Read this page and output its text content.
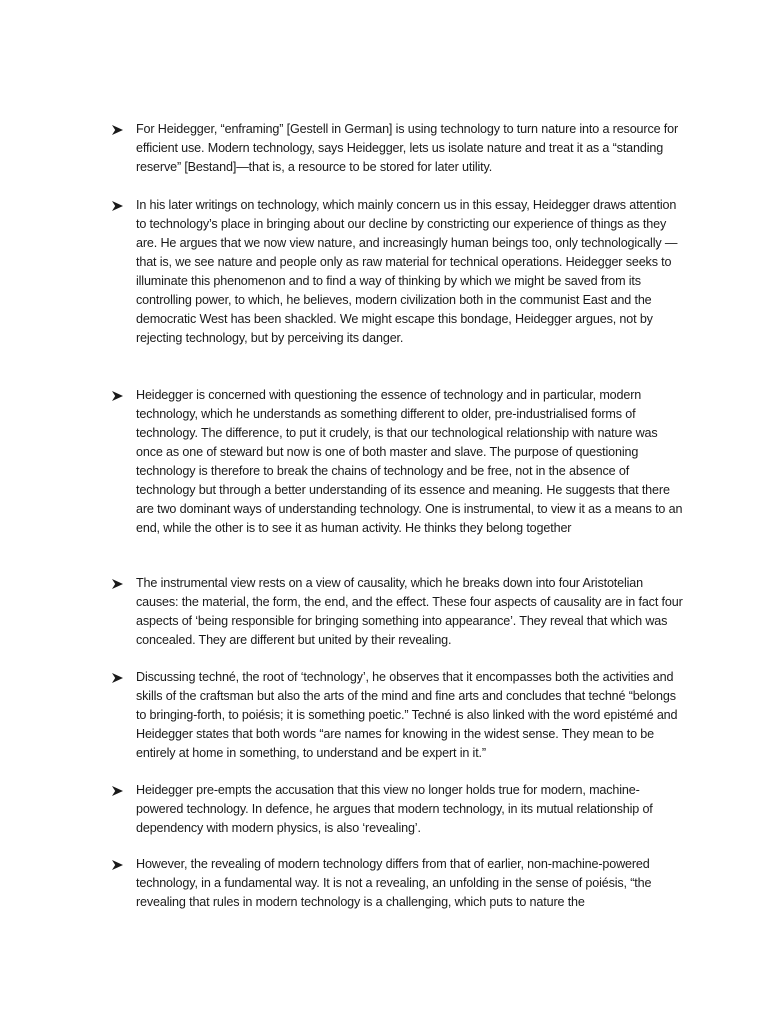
For Heidegger, “enframing” [Gestell in German] is using technology to turn nature into a resource for efficient use. Modern technology, says Heidegger, lets us isolate nature and treat it as a “standing reserve” [Bestand]—that is, a resource to be stored for later utility.

In his later writings on technology, which mainly concern us in this essay, Heidegger draws attention to technology’s place in bringing about our decline by constricting our experience of things as they are. He argues that we now view nature, and increasingly human beings too, only technologically — that is, we see nature and people only as raw material for technical operations. Heidegger seeks to illuminate this phenomenon and to find a way of thinking by which we might be saved from its controlling power, to which, he believes, modern civilization both in the communist East and the democratic West has been shackled. We might escape this bondage, Heidegger argues, not by rejecting technology, but by perceiving its danger.

Heidegger is concerned with questioning the essence of technology and in particular, modern technology, which he understands as something different to older, pre-industrialised forms of technology. The difference, to put it crudely, is that our technological relationship with nature was once as one of steward but now is one of both master and slave. The purpose of questioning technology is therefore to break the chains of technology and be free, not in the absence of technology but through a better understanding of its essence and meaning. He suggests that there are two dominant ways of understanding technology. One is instrumental, to view it as a means to an end, while the other is to see it as human activity. He thinks they belong together

The instrumental view rests on a view of causality, which he breaks down into four Aristotelian causes: the material, the form, the end, and the effect. These four aspects of causality are in fact four aspects of ‘being responsible for bringing something into appearance’. They reveal that which was concealed. They are different but united by their revealing.

Discussing techné, the root of ‘technology’, he observes that it encompasses both the activities and skills of the craftsman but also the arts of the mind and fine arts and concludes that techné “belongs to bringing-forth, to poiésis; it is something poetic.” Techné is also linked with the word epistémé and Heidegger states that both words “are names for knowing in the widest sense. They mean to be entirely at home in something, to understand and be expert in it.”

Heidegger pre-empts the accusation that this view no longer holds true for modern, machine-powered technology. In defence, he argues that modern technology, in its mutual relationship of dependency with modern physics, is also ‘revealing’.

However, the revealing of modern technology differs from that of earlier, non-machine-powered technology, in a fundamental way. It is not a revealing, an unfolding in the sense of poiésis, “the revealing that rules in modern technology is a challenging, which puts to nature the
